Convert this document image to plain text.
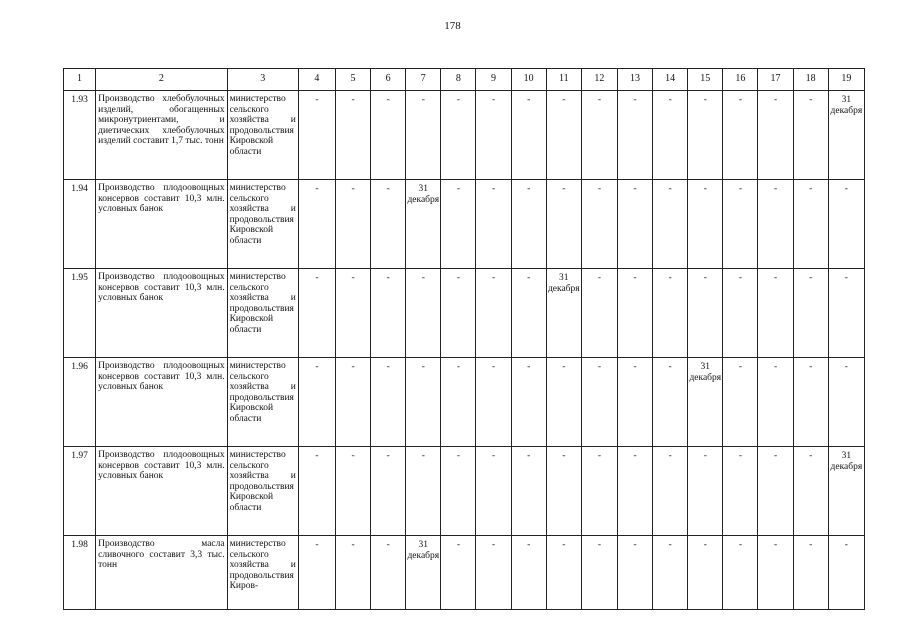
178
1	2	3	4	5	6	7	8	9	10	11	12	13	14	15	16	17	18	19
1.93	Производство хлебобулочных изделий, обогащенных микронутриентами, и диетических хлебобулочных изделий составит 1,7 тыс. тонн	министерство сельского хозяйства и продовольствия Кировской области	-	-	-	-	-	-	-	-	-	-	-	-	-	-	-	31 декабря
1.94	Производство плодоовощных консервов составит 10,3 млн. условных банок	министерство сельского хозяйства и продовольствия Кировской области	-	-	-	31 декабря	-	-	-	-	-	-	-	-	-	-	-	-
1.95	Производство плодоовощных консервов составит 10,3 млн. условных банок	министерство сельского хозяйства и продовольствия Кировской области	-	-	-	-	-	-	-	31 декабря	-	-	-	-	-	-	-	-
1.96	Производство плодоовощных консервов составит 10,3 млн. условных банок	министерство сельского хозяйства и продовольствия Кировской области	-	-	-	-	-	-	-	-	-	-	-	31 декабря	-	-	-	-
1.97	Производство плодоовощных консервов составит 10,3 млн. условных банок	министерство сельского хозяйства и продовольствия Кировской области	-	-	-	-	-	-	-	-	-	-	-	-	-	-	-	31 декабря
1.98	Производство масла сливочного составит 3,3 тыс. тонн	министерство сельского хозяйства и продовольствия Киров-	-	-	-	31 декабря	-	-	-	-	-	-	-	-	-	-	-	-
